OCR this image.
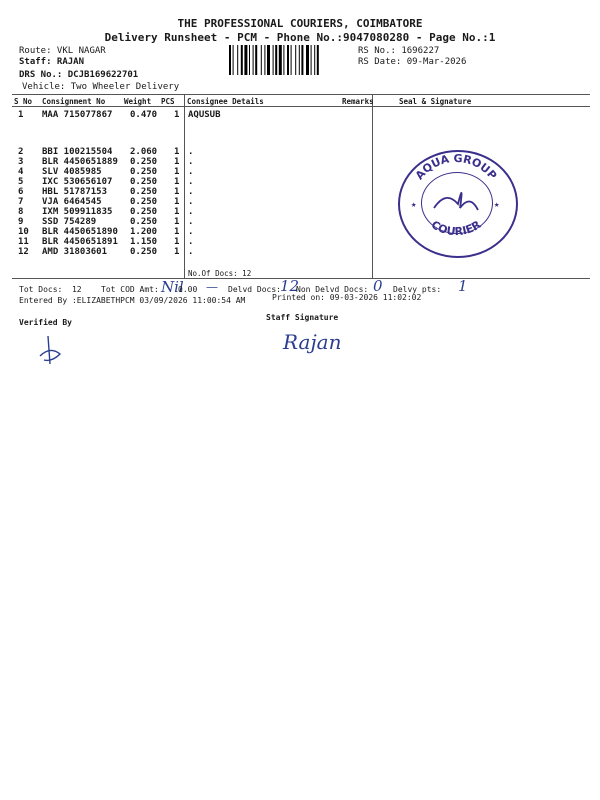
THE PROFESSIONAL COURIERS, COIMBATORE
Delivery Runsheet - PCM - Phone No.:9047080280 - Page No.:1
Route: VKL NAGAR
Staff: RAJAN
DRS No.: DCJB169622701
Vehicle: Two Wheeler Delivery
RS No.: 1696227
RS Date: 09-Mar-2026
S No Consignment No	Weight PCS Consignee Details	Remarks	Seal & Signature
1 MAA 715077867 0.470 1 AQUSUB
2 BBI 100215504 2.060 1 .
3 BLR 4450651889 0.250 1 .
4 SLV 4085985	0.250 1 .
5 IXC 530656107 0.250 1 .
6 HBL 51787153	0.250 1 .
7 VJA 6464545	0.250 1 .
8 IXM 509911835 0.250 1 .
9 SSD 754289	0.250 1 .
10 BLR 4450651890 1.200 1 .
11 BLR 4450651891 1.150 1 .
12 AMD 31803601	0.250 1 .
No.Of Docs: 12
AQUA GROUP
COURIER
★	★
Tot Docs:  12 Tot COD Amt: Nil
0.00 — Delvd Docs: 12
Non Delvd Docs: 0 Delvy pts: 1
Entered By :ELIZABETHPCM 03/09/2026 11:00:54 AM	Printed on: 09-03-2026 11:02:02
Verified By
Staff Signature
Rajan
